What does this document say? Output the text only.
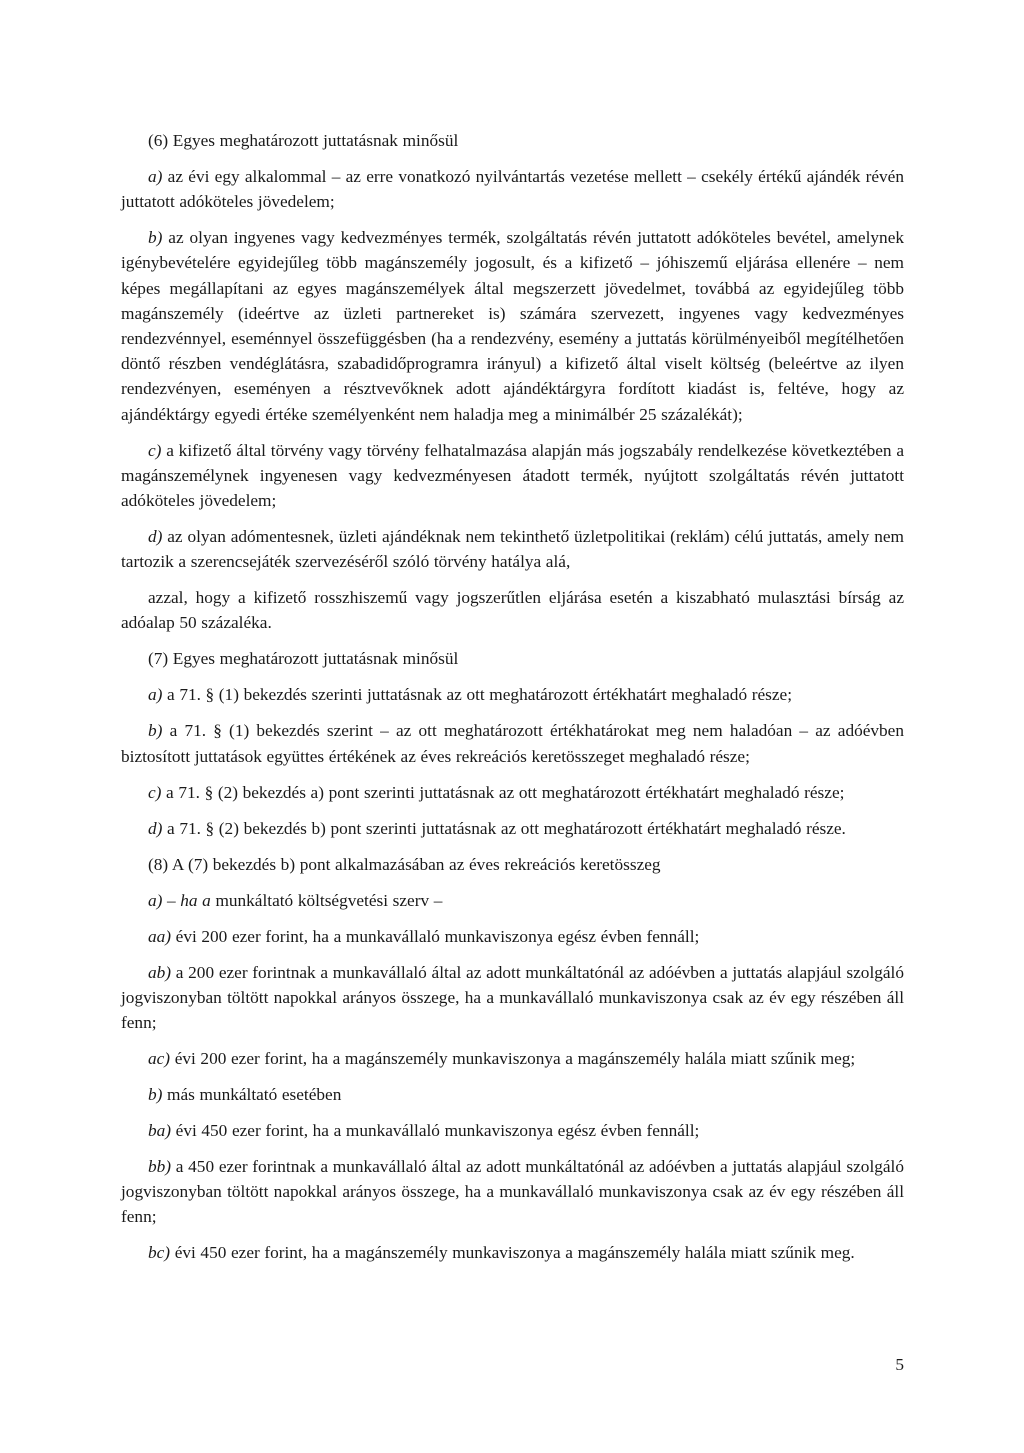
(6) Egyes meghatározott juttatásnak minősül

a) az évi egy alkalommal – az erre vonatkozó nyilvántartás vezetése mellett – csekély értékű ajándék révén juttatott adóköteles jövedelem;

b) az olyan ingyenes vagy kedvezményes termék, szolgáltatás révén juttatott adóköteles bevétel, amelynek igénybevételére egyidejűleg több magánszemély jogosult, és a kifizető – jóhiszemű eljárása ellenére – nem képes megállapítani az egyes magánszemélyek által megszerzett jövedelmet, továbbá az egyidejűleg több magánszemély (ideértve az üzleti partnereket is) számára szervezett, ingyenes vagy kedvezményes rendezvénnyel, eseménnyel összefüggésben (ha a rendezvény, esemény a juttatás körülményeiből megítélhetően döntő részben vendéglátásra, szabadidőprogramra irányul) a kifizető által viselt költség (beleértve az ilyen rendezvényen, eseményen a résztvevőknek adott ajándéktárgyra fordított kiadást is, feltéve, hogy az ajándéktárgy egyedi értéke személyenként nem haladja meg a minimálbér 25 százalékát);

c) a kifizető által törvény vagy törvény felhatalmazása alapján más jogszabály rendelkezése következtében a magánszemélynek ingyenesen vagy kedvezményesen átadott termék, nyújtott szolgáltatás révén juttatott adóköteles jövedelem;

d) az olyan adómentesnek, üzleti ajándéknak nem tekinthető üzletpolitikai (reklám) célú juttatás, amely nem tartozik a szerencsejáték szervezéséről szóló törvény hatálya alá,

azzal, hogy a kifizető rosszhiszemű vagy jogszerűtlen eljárása esetén a kiszabható mulasztási bírság az adóalap 50 százaléka.

(7) Egyes meghatározott juttatásnak minősül

a) a 71. § (1) bekezdés szerinti juttatásnak az ott meghatározott értékhatárt meghaladó része;

b) a 71. § (1) bekezdés szerint – az ott meghatározott értékhatárokat meg nem haladóan – az adóévben biztosított juttatások együttes értékének az éves rekreációs keretösszeget meghaladó része;

c) a 71. § (2) bekezdés a) pont szerinti juttatásnak az ott meghatározott értékhatárt meghaladó része;

d) a 71. § (2) bekezdés b) pont szerinti juttatásnak az ott meghatározott értékhatárt meghaladó része.

(8) A (7) bekezdés b) pont alkalmazásában az éves rekreációs keretösszeg

a) – ha a munkáltató költségvetési szerv –

aa) évi 200 ezer forint, ha a munkavállaló munkaviszonya egész évben fennáll;

ab) a 200 ezer forintnak a munkavállaló által az adott munkáltatónál az adóévben a juttatás alapjául szolgáló jogviszonyban töltött napokkal arányos összege, ha a munkavállaló munkaviszonya csak az év egy részében áll fenn;

ac) évi 200 ezer forint, ha a magánszemély munkaviszonya a magánszemély halála miatt szűnik meg;

b) más munkáltató esetében

ba) évi 450 ezer forint, ha a munkavállaló munkaviszonya egész évben fennáll;

bb) a 450 ezer forintnak a munkavállaló által az adott munkáltatónál az adóévben a juttatás alapjául szolgáló jogviszonyban töltött napokkal arányos összege, ha a munkavállaló munkaviszonya csak az év egy részében áll fenn;

bc) évi 450 ezer forint, ha a magánszemély munkaviszonya a magánszemély halála miatt szűnik meg.

5
